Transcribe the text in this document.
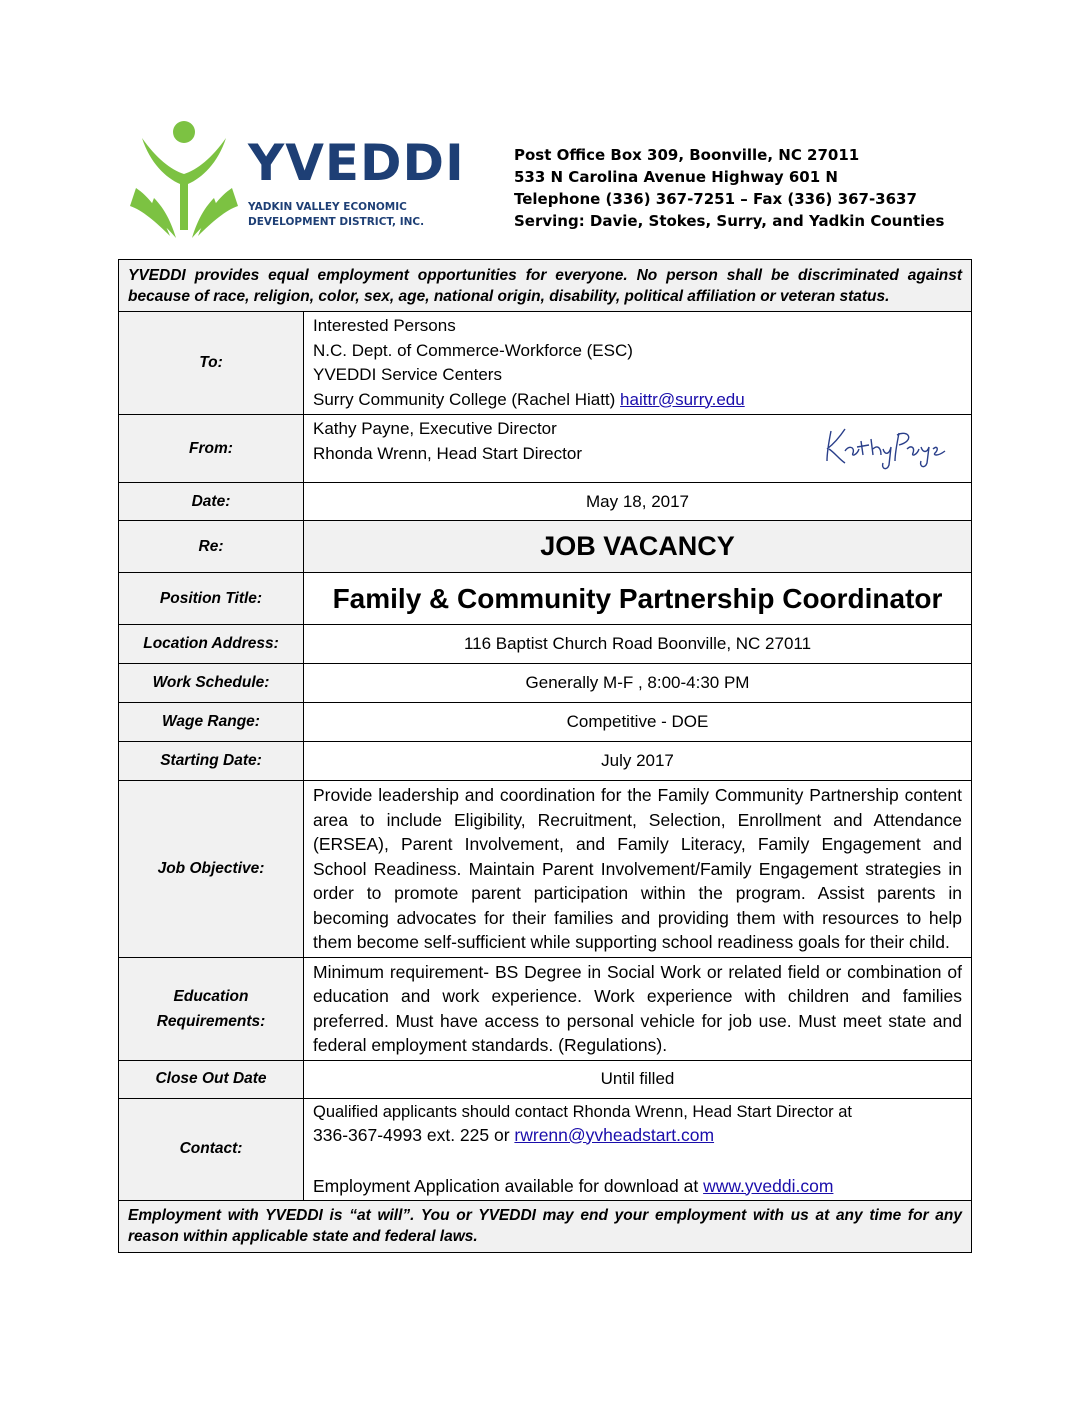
YVEDDI
YADKIN VALLEY ECONOMIC
DEVELOPMENT DISTRICT, INC.
Post Office Box 309, Boonville, NC 27011
533 N Carolina Avenue Highway 601 N
Telephone (336) 367-7251 – Fax (336) 367-3637
Serving: Davie, Stokes, Surry, and Yadkin Counties
YVEDDI provides equal employment opportunities for everyone. No person shall be discriminated against because of race, religion, color, sex, age, national origin, disability, political affiliation or veteran status.	
To:	Interested Persons
N.C. Dept. of Commerce-Workforce (ESC)
YVEDDI Service Centers
Surry Community College (Rachel Hiatt) haittr@surry.edu

From:	Kathy Payne, Executive Director
Rhonda Wrenn, Head Start Director

Date:	May 18, 2017
Re:	JOB VACANCY
Position Title:	Family & Community Partnership Coordinator
Location Address:	116 Baptist Church Road Boonville, NC 27011
Work Schedule:	Generally M-F , 8:00-4:30 PM
Wage Range:	Competitive - DOE
Starting Date:	July 2017
Job Objective:	Provide leadership and coordination for the Family Community Partnership content area to include Eligibility, Recruitment, Selection, Enrollment and Attendance (ERSEA), Parent Involvement, and Family Literacy, Family Engagement and School Readiness. Maintain Parent Involvement/Family Engagement strategies in order to promote parent participation within the program. Assist parents in becoming advocates for their families and providing them with resources to help them become self-sufficient while supporting school readiness goals for their child.

Education
Requirements:	Minimum requirement- BS Degree in Social Work or related field or combination of education and work experience. Work experience with children and families preferred. Must have access to personal vehicle for job use. Must meet state and federal employment standards. (Regulations).
Close Out Date	Until filled
Contact:	Qualified applicants should contact Rhonda Wrenn, Head Start Director at
336-367-4993 ext. 225 or rwrenn@yvheadstart.com
Employment Application available for download at www.yveddi.com

Employment with YVEDDI is “at will”. You or YVEDDI may end your employment with us at any time for any reason within applicable state and federal laws.	
